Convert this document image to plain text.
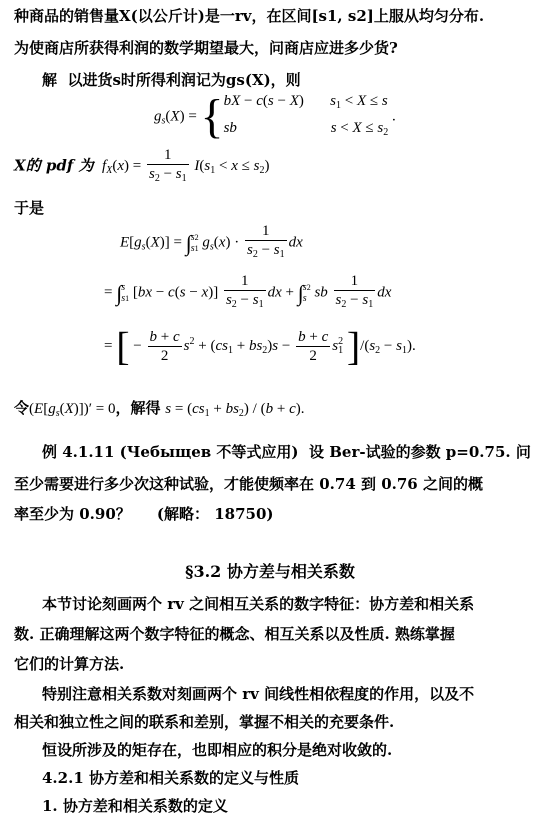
种商品的销售量X(以公斤计)是一rv，在区间[s1, s2]上服从均匀分布.
为使商店所获得利润的数学期望最大，问商店应进多少货?
解 以进货s时所得利润记为gs(X)，则
$g_s(X)$ = { bX − c(s − X)       $s_1 < X \le s$
sb	$s < X \le s_2$
.
X的 pdf 为 $f_X(x) = \frac{1}{s_2 - s_1} I(s_1 < x \le s_2)$
于是
$E[g_s(X)] = \int s2$
s1 $g_s(x) \cdot \frac{1}{s_2 - s_1}$ dx
= ∫s
s1 $[bx - c(s - x)] \frac{1}{s_2 - s_1}$ dx + ∫s2
s sb $\frac{1}{s_2 - s_1}$ dx
= [ − $\frac{b + c}{2} s^2 + (cs_1 + bs_2)s - \frac{b + c}{2} s^2_1$ ]$/(s_2 - s_1)$.
令$(E[g_s(X)])' = 0$，解得 $s = (cs_1 + bs_2) / (b + c)$.
例 4.1.11 (Чебыщев 不等式应用) 设 Ber-试验的参数 p=0.75. 问
至少需要进行多少次这种试验，才能使频率在 0.74 到 0.76 之间的概
率至少为 0.90？ (解略： 18750)
§3.2 协方差与相关系数
本节讨论刻画两个 rv 之间相互关系的数字特征：协方差和相关系
数. 正确理解这两个数字特征的概念、相互关系以及性质. 熟练掌握
它们的计算方法.
特别注意相关系数对刻画两个 rv 间线性相依程度的作用，以及不
相关和独立性之间的联系和差别，掌握不相关的充要条件.
恒设所涉及的矩存在，也即相应的积分是绝对收敛的.
4.2.1 协方差和相关系数的定义与性质
1. 协方差和相关系数的定义
